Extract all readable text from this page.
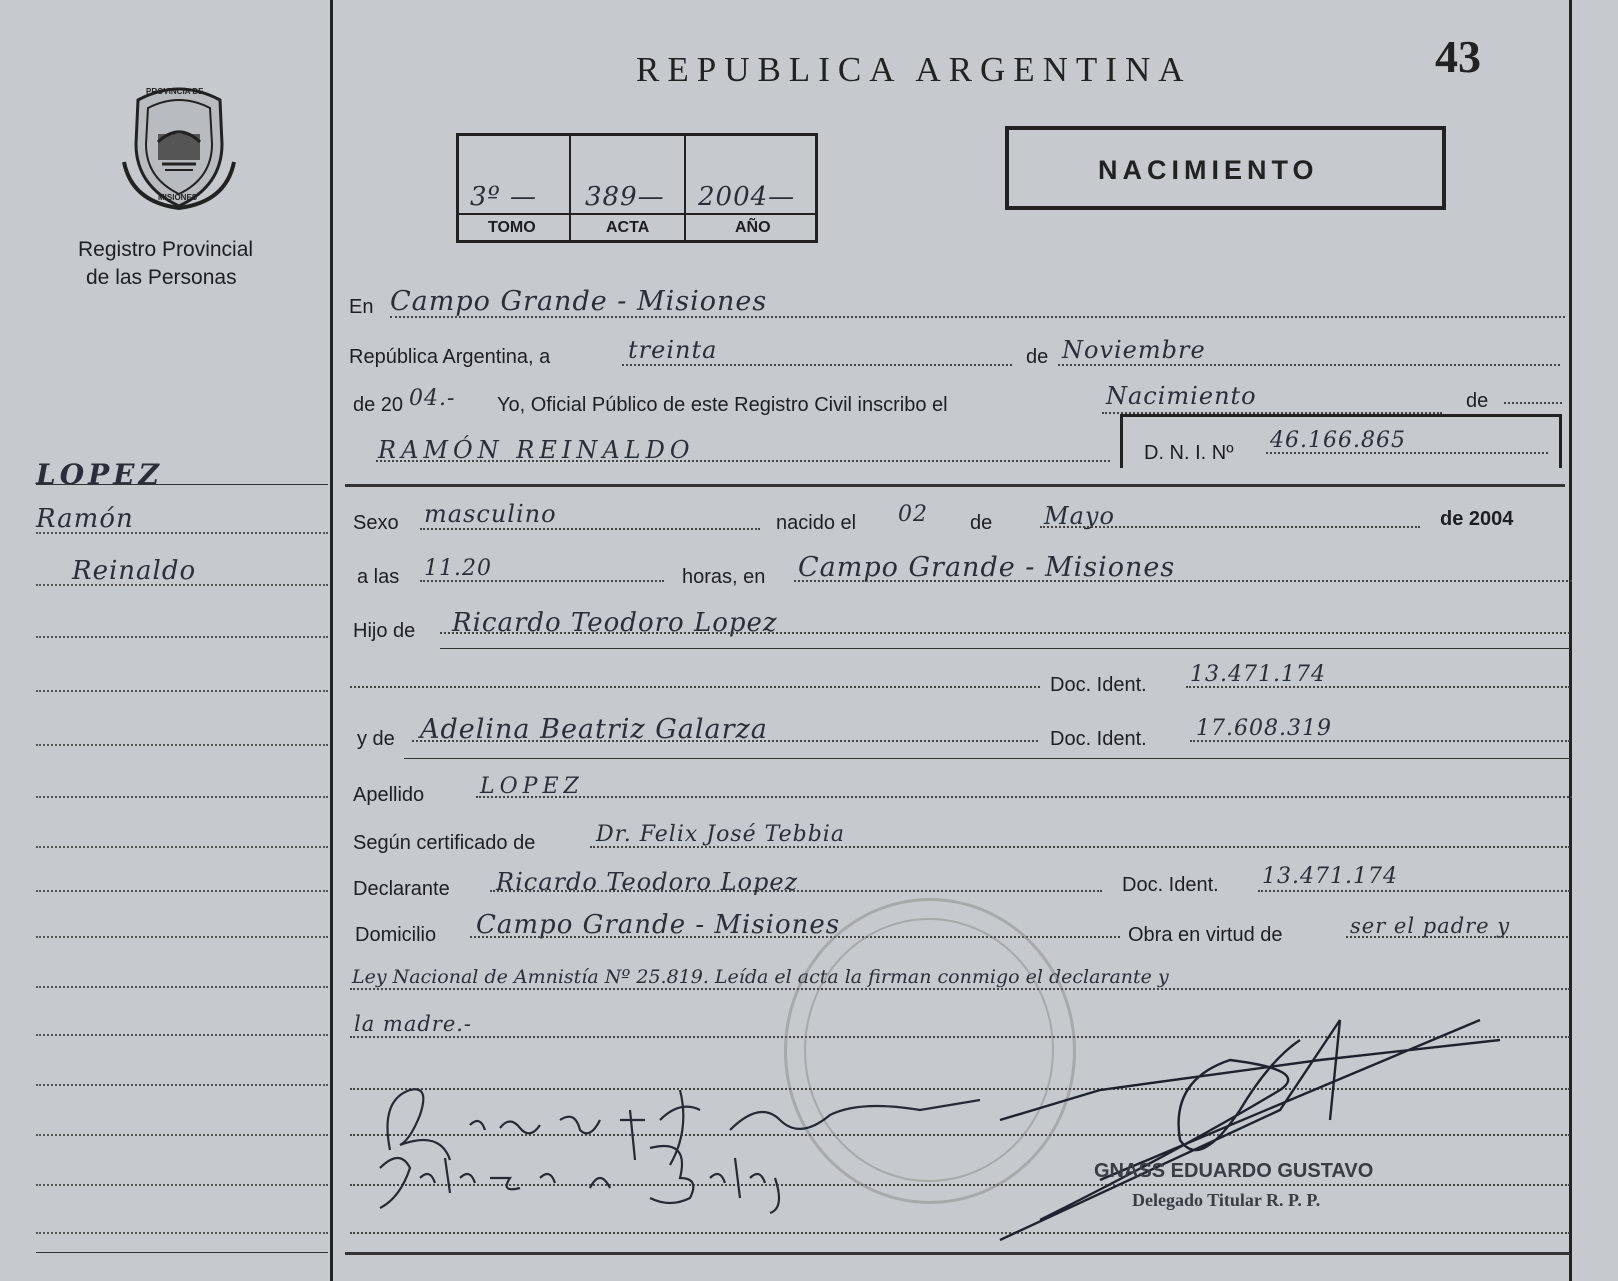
REPUBLICA ARGENTINA	43
PROVINCIA DE
MISIONES
Registro Provincial
de las Personas
3º — 389— 2004—
TOMO	ACTA	AÑO
NACIMIENTO
LOPEZ
Ramón
Reinaldo
En Campo Grande - Misiones
República Argentina, a	treinta	de Noviembre
de 20 04.- Yo, Oficial Público de este Registro Civil inscribo el	Nacimiento	de
RAMÓN REINALDO	D. N. I. Nº 46.166.865
Sexo masculino	nacido el 02 de Mayo	de 2004
a las 11.20	horas, en Campo Grande - Misiones
Hijo de Ricardo Teodoro Lopez
Doc. Ident. 13.471.174
y de Adelina Beatriz Galarza	Doc. Ident. 17.608.319
Apellido	LOPEZ
Según certificado de	Dr. Felix José Tebbia
Declarante Ricardo Teodoro Lopez	Doc. Ident. 13.471.174
Domicilio Campo Grande - Misiones	Obra en virtud de	ser el padre y
Ley Nacional de Amnistía Nº 25.819. Leída el acta la firman conmigo el declarante y
la madre.-
GNASS EDUARDO GUSTAVO
Delegado Titular R. P. P.
